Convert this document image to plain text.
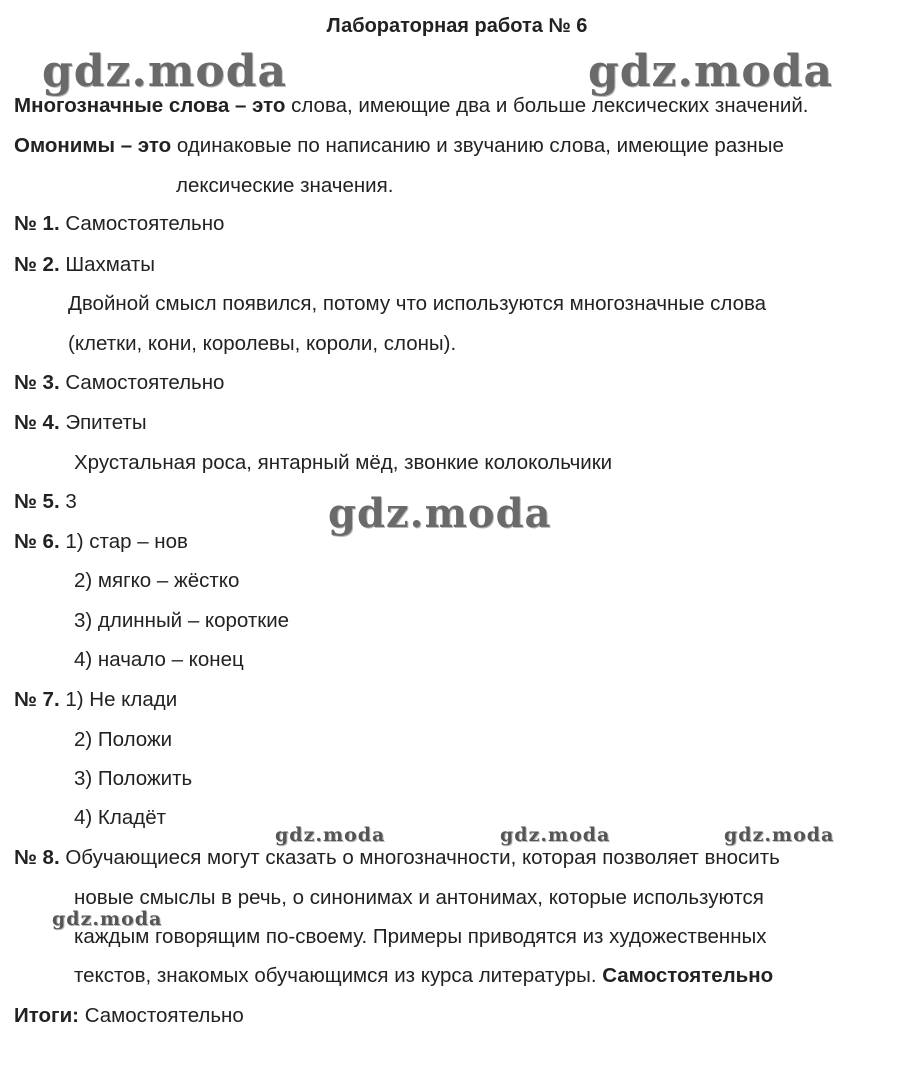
Лабораторная работа № 6
gdz.moda	gdz.moda
gdz.moda
gdz.moda	gdz.moda	gdz.moda
gdz.moda
Многозначные слова – это слова, имеющие два и больше лексических значений.
Омонимы – это одинаковые по написанию и звучанию слова, имеющие разные
лексические значения.
№ 1. Самостоятельно
№ 2. Шахматы
Двойной смысл появился, потому что используются многозначные слова
(клетки, кони, королевы, короли, слоны).
№ 3. Самостоятельно
№ 4. Эпитеты
Хрустальная роса, янтарный мёд, звонкие колокольчики
№ 5. 3
№ 6. 1) стар – нов
2) мягко – жёстко
3) длинный – короткие
4) начало – конец
№ 7. 1) Не клади
2) Положи
3) Положить
4) Кладёт
№ 8. Обучающиеся могут сказать о многозначности, которая позволяет вносить
новые смыслы в речь, о синонимах и антонимах, которые используются
каждым говорящим по-своему. Примеры приводятся из художественных
текстов, знакомых обучающимся из курса литературы. Самостоятельно
Итоги: Самостоятельно
